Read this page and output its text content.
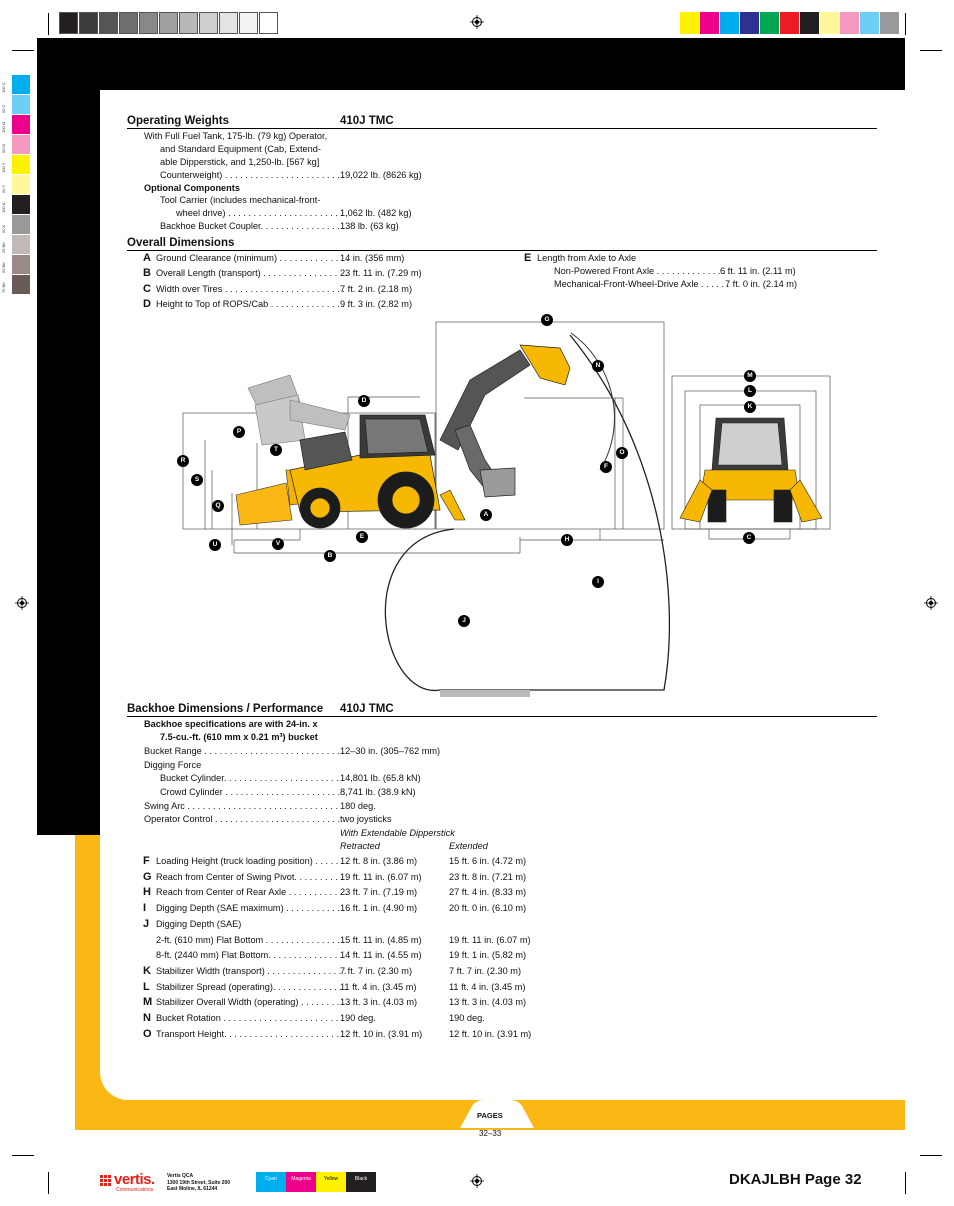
100 C
50 C
100 M
50 M
100 Y
50 Y
100 K
50 K
25 BK
50 BK
75 BK
Operating Weights	410J TMC
With Full Fuel Tank, 175-lb. (79 kg) Operator,
and Standard Equipment (Cab, Extend-
able Dipperstick, and 1,250-lb. [567 kg]
Counterweight) . . . . . . . . . . . . . . . . . . . . . . . .
19,022 lb. (8626 kg)
Optional Components
Tool Carrier (includes mechanical-front-
wheel drive) . . . . . . . . . . . . . . . . . . . . . . .
1,062 lb. (482 kg)
Backhoe Bucket Coupler. . . . . . . . . . . . . . . . .
138 lb. (63 kg)
Overall Dimensions
A Ground Clearance (minimum) . . . . . . . . . . . . . .
14 in. (356 mm)
B Overall Length (transport) . . . . . . . . . . . . . . . . .
23 ft. 11 in. (7.29 m)
C Width over Tires . . . . . . . . . . . . . . . . . . . . . . . .
7 ft. 2 in. (2.18 m)
D Height to Top of ROPS/Cab . . . . . . . . . . . . . . . .
9 ft. 3 in. (2.82 m)
E Length from Axle to Axle
Non-Powered Front Axle . . . . . . . . . . . . . . .
6 ft. 11 in. (2.11 m)
Mechanical-Front-Wheel-Drive Axle . . . . . .
7 ft. 0 in. (2.14 m)
D
G
N
O
F
P
T
R
S
Q
A
E	H
U	V
B
I
J
M
L
K
C
Backhoe Dimensions / Performance 410J TMC
Backhoe specifications are with 24-in. x
7.5-cu.-ft. (610 mm x 0.21 m³) bucket
Bucket Range . . . . . . . . . . . . . . . . . . . . . . . . . . . .
12–30 in. (305–762 mm)
Digging Force
Bucket Cylinder. . . . . . . . . . . . . . . . . . . . . . . .
14,801 lb. (65.8 kN)
Crowd Cylinder . . . . . . . . . . . . . . . . . . . . . . . .
8,741 lb. (38.9 kN)
Swing Arc . . . . . . . . . . . . . . . . . . . . . . . . . . . . . . 180 deg.
Operator Control . . . . . . . . . . . . . . . . . . . . . . . . . two joysticks
With Extendable Dipperstick
Retracted	Extended
F Loading Height (truck loading position) . . . . . . .
12 ft. 8 in. (3.86 m)	15 ft. 6 in. (4.72 m)
G Reach from Center of Swing Pivot. . . . . . . . . . .
19 ft. 11 in. (6.07 m)	23 ft. 8 in. (7.21 m)
H Reach from Center of Rear Axle . . . . . . . . . . . .
23 ft. 7 in. (7.19 m)	27 ft. 4 in. (8.33 m)
I Digging Depth (SAE maximum) . . . . . . . . . . . . .
16 ft. 1 in. (4.90 m)	20 ft. 0 in. (6.10 m)
J Digging Depth (SAE)
2-ft. (610 mm) Flat Bottom . . . . . . . . . . . . . . . .
15 ft. 11 in. (4.85 m)	19 ft. 11 in. (6.07 m)
8-ft. (2440 mm) Flat Bottom. . . . . . . . . . . . . . .
14 ft. 11 in. (4.55 m)	19 ft. 1 in. (5.82 m)
K Stabilizer Width (transport) . . . . . . . . . . . . . . . .
7 ft. 7 in. (2.30 m)	7 ft. 7 in. (2.30 m)
L Stabilizer Spread (operating). . . . . . . . . . . . . . .
11 ft. 4 in. (3.45 m)	11 ft. 4 in. (3.45 m)
M Stabilizer Overall Width (operating) . . . . . . . . . .
13 ft. 3 in. (4.03 m)	13 ft. 3 in. (4.03 m)
N Bucket Rotation . . . . . . . . . . . . . . . . . . . . . . . . .
190 deg.	190 deg.
O Transport Height. . . . . . . . . . . . . . . . . . . . . . . . .
12 ft. 10 in. (3.91 m)	12 ft. 10 in. (3.91 m)
PAGES
32–33
vertis.
Communications
Vertis QCA
1300 19th Street, Suite 200
East Moline, IL 61244
Cyan	Magenta	Yellow	Black	DKAJLBH Page 32
